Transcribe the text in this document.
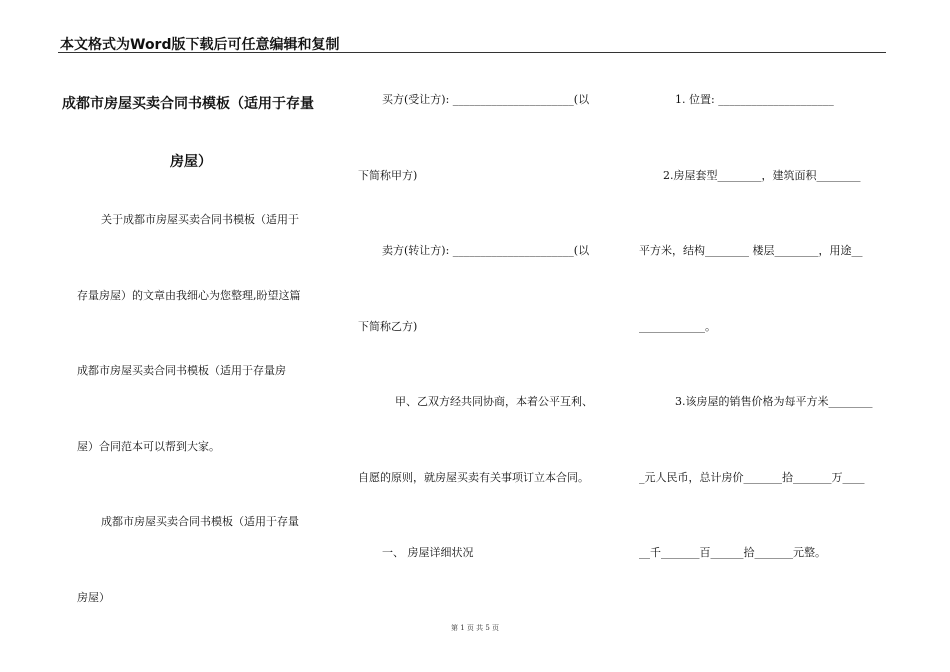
本文格式为Word版下载后可任意编辑和复制
成都市房屋买卖合同书模板（适用于存量
房屋）
关于成都市房屋买卖合同书模板（适用于
存量房屋）的文章由我细心为您整理,盼望这篇
成都市房屋买卖合同书模板（适用于存量房
屋）合同范本可以帮到大家。
成都市房屋买卖合同书模板（适用于存量
房屋）
买方(受让方): ______________________(以
下简称甲方)
卖方(转让方): ______________________(以
下简称乙方)
甲、乙双方经共同协商，本着公平互利、
自愿的原则，就房屋买卖有关事项订立本合同。
一、 房屋详细状况
1. 位置: _____________________
2.房屋套型________，建筑面积________
平方米，结构________ 楼层________，用途__
____________。
3.该房屋的销售价格为每平方米________
_元人民币，总计房价_______拾_______万____
__千_______百______拾_______元整。
第 1 页 共 5 页
